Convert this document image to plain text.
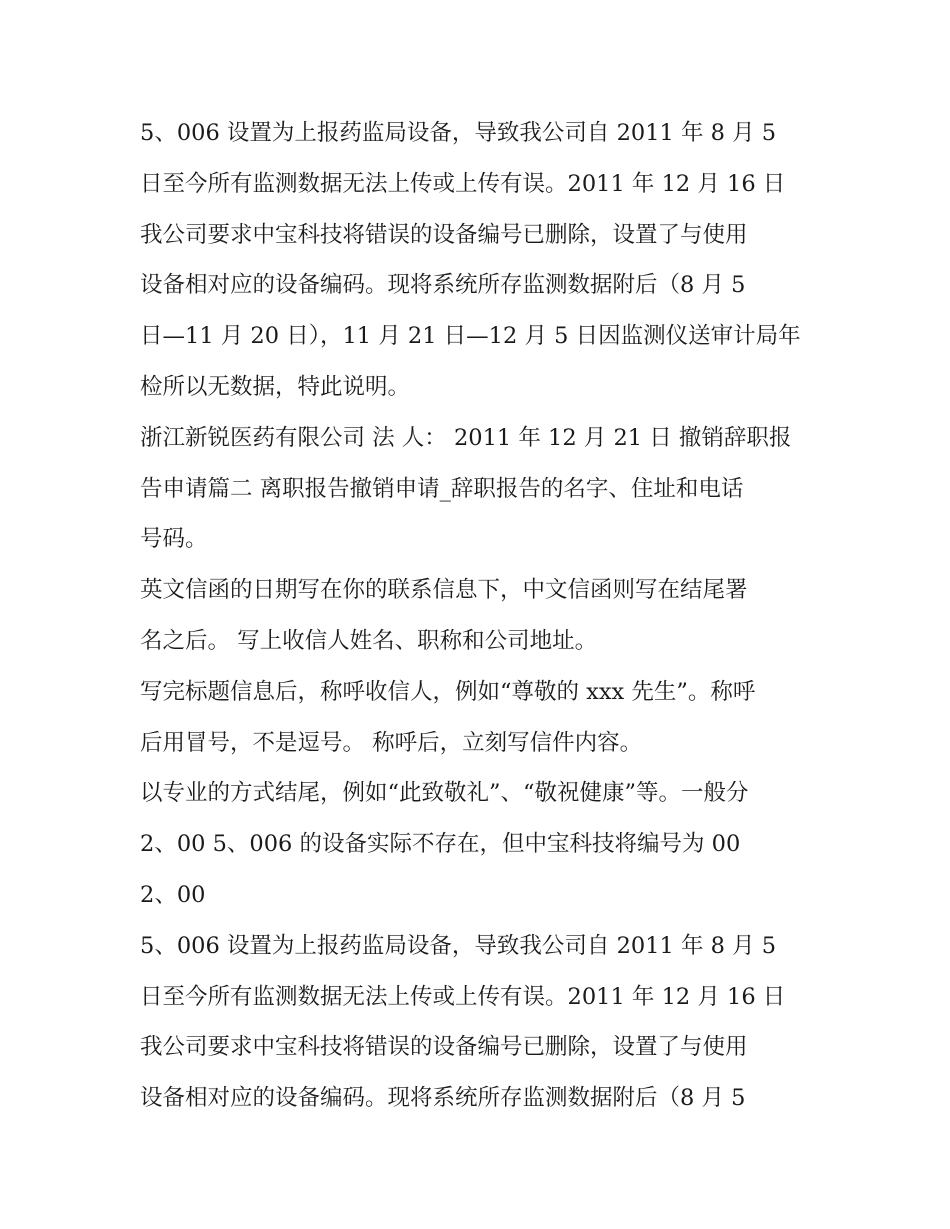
5、006 设置为上报药监局设备，导致我公司自 2011 年 8 月 5
日至今所有监测数据无法上传或上传有误。2011 年 12 月 16 日
我公司要求中宝科技将错误的设备编号已删除，设置了与使用
设备相对应的设备编码。现将系统所存监测数据附后（8 月 5
日—11 月 20 日），11 月 21 日—12 月 5 日因监测仪送审计局年
检所以无数据，特此说明。
浙江新锐医药有限公司 法 人： 2011 年 12 月 21 日 撤销辞职报
告申请篇二 离职报告撤销申请_辞职报告的名字、住址和电话
号码。
英文信函的日期写在你的联系信息下，中文信函则写在结尾署
名之后。 写上收信人姓名、职称和公司地址。
写完标题信息后，称呼收信人，例如“尊敬的 xxx 先生”。称呼
后用冒号，不是逗号。 称呼后，立刻写信件内容。
以专业的方式结尾，例如“此致敬礼”、“敬祝健康”等。一般分
2、00 5、006 的设备实际不存在，但中宝科技将编号为 00
2、00
5、006 设置为上报药监局设备，导致我公司自 2011 年 8 月 5
日至今所有监测数据无法上传或上传有误。2011 年 12 月 16 日
我公司要求中宝科技将错误的设备编号已删除，设置了与使用
设备相对应的设备编码。现将系统所存监测数据附后（8 月 5
